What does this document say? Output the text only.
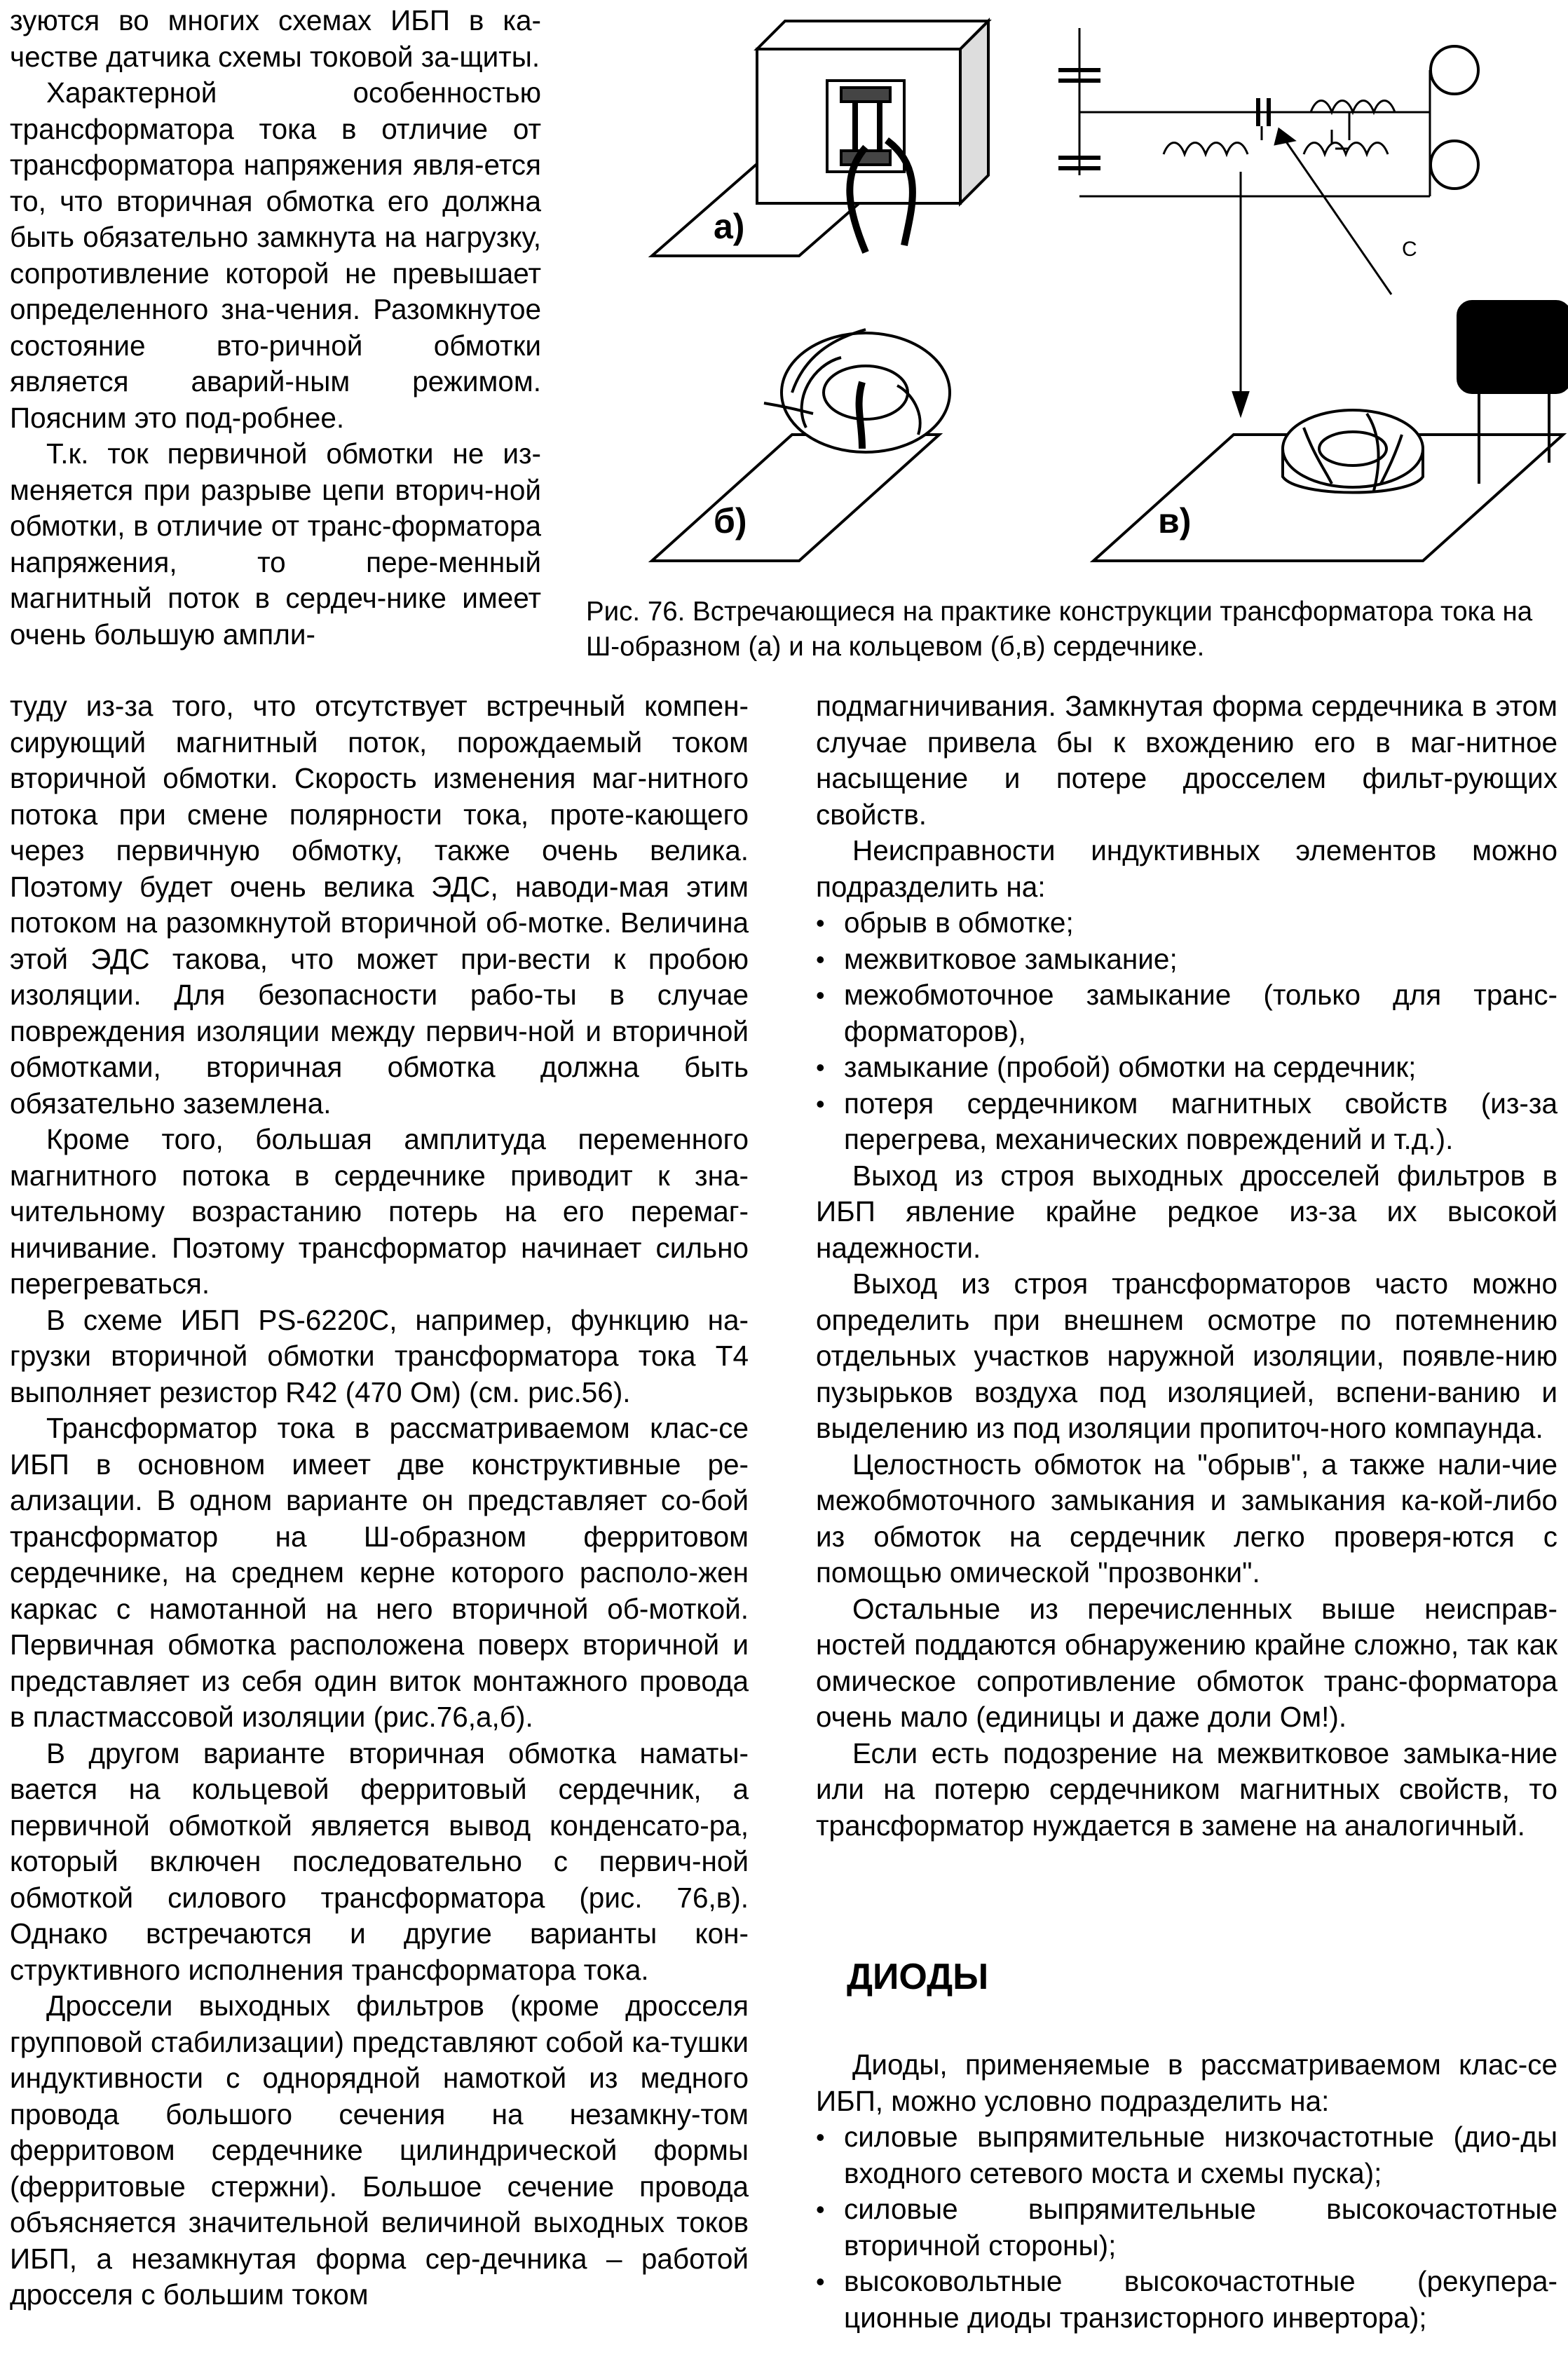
зуются во многих схемах ИБП в ка-честве датчика схемы токовой за-щиты.

Характерной особенностью трансформатора тока в отличие от трансформатора напряжения явля-ется то, что вторичная обмотка его должна быть обязательно замкнута на нагрузку, сопротивление которой не превышает определенного зна-чения. Разомкнутое состояние вто-ричной обмотки является аварий-ным режимом. Поясним это под-робнее.

Т.к. ток первичной обмотки не из-меняется при разрыве цепи вторич-ной обмотки, в отличие от транс-форматора напряжения, то пере-менный магнитный поток в сердеч-нике имеет очень большую ампли-

а)
б)	в)
С

Рис. 76. Встречающиеся на практике конструкции трансформатора тока на Ш-образном (а) и на кольцевом (б,в) сердечнике.

туду из-за того, что отсутствует встречный компен-сирующий магнитный поток, порождаемый током вторичной обмотки. Скорость изменения маг-нитного потока при смене полярности тока, проте-кающего через первичную обмотку, также очень велика. Поэтому будет очень велика ЭДС, наводи-мая этим потоком на разомкнутой вторичной об-мотке. Величина этой ЭДС такова, что может при-вести к пробою изоляции. Для безопасности рабо-ты в случае повреждения изоляции между первич-ной и вторичной обмотками, вторичная обмотка должна быть обязательно заземлена.

Кроме того, большая амплитуда переменного магнитного потока в сердечнике приводит к зна-чительному возрастанию потерь на его перемаг-ничивание. Поэтому трансформатор начинает сильно перегреваться.

В схеме ИБП PS-6220C, например, функцию на-грузки вторичной обмотки трансформатора тока T4 выполняет резистор R42 (470 Ом) (см. рис.56).

Трансформатор тока в рассматриваемом клас-се ИБП в основном имеет две конструктивные ре-ализации. В одном варианте он представляет со-бой трансформатор на Ш-образном ферритовом сердечнике, на среднем керне которого располо-жен каркас с намотанной на него вторичной об-моткой. Первичная обмотка расположена поверх вторичной и представляет из себя один виток монтажного провода в пластмассовой изоляции (рис.76,а,б).

В другом варианте вторичная обмотка наматы-вается на кольцевой ферритовый сердечник, а первичной обмоткой является вывод конденсато-ра, который включен последовательно с первич-ной обмоткой силового трансформатора (рис. 76,в). Однако встречаются и другие варианты кон-структивного исполнения трансформатора тока.

Дроссели выходных фильтров (кроме дросселя групповой стабилизации) представляют собой ка-тушки индуктивности с однорядной намоткой из медного провода большого сечения на незамкну-том ферритовом сердечнике цилиндрической формы (ферритовые стержни). Большое сечение провода объясняется значительной величиной выходных токов ИБП, а незамкнутая форма сер-дечника – работой дросселя с большим током

подмагничивания. Замкнутая форма сердечника в этом случае привела бы к вхождению его в маг-нитное насыщение и потере дросселем фильт-рующих свойств.

Неисправности индуктивных элементов можно подразделить на:

• обрыв в обмотке;
• межвитковое замыкание;
• межобмоточное замыкание (только для транс-форматоров),
• замыкание (пробой) обмотки на сердечник;
• потеря сердечником магнитных свойств (из-за перегрева, механических повреждений и т.д.).

Выход из строя выходных дросселей фильтров в ИБП явление крайне редкое из-за их высокой надежности.

Выход из строя трансформаторов часто можно определить при внешнем осмотре по потемнению отдельных участков наружной изоляции, появле-нию пузырьков воздуха под изоляцией, вспени-ванию и выделению из под изоляции пропиточ-ного компаунда.

Целостность обмоток на "обрыв", а также нали-чие межобмоточного замыкания и замыкания ка-кой-либо из обмоток на сердечник легко проверя-ются с помощью омической "прозвонки".

Остальные из перечисленных выше неисправ-ностей поддаются обнаружению крайне сложно, так как омическое сопротивление обмоток транс-форматора очень мало (единицы и даже доли Ом!).

Если есть подозрение на межвитковое замыка-ние или на потерю сердечником магнитных свойств, то трансформатор нуждается в замене на аналогичный.

ДИОДЫ

Диоды, применяемые в рассматриваемом клас-се ИБП, можно условно подразделить на:

• силовые выпрямительные низкочастотные (дио-ды входного сетевого моста и схемы пуска);
• силовые выпрямительные высокочастотные вторичной стороны);
• высоковольтные высокочастотные (рекупера-ционные диоды транзисторного инвертора);
